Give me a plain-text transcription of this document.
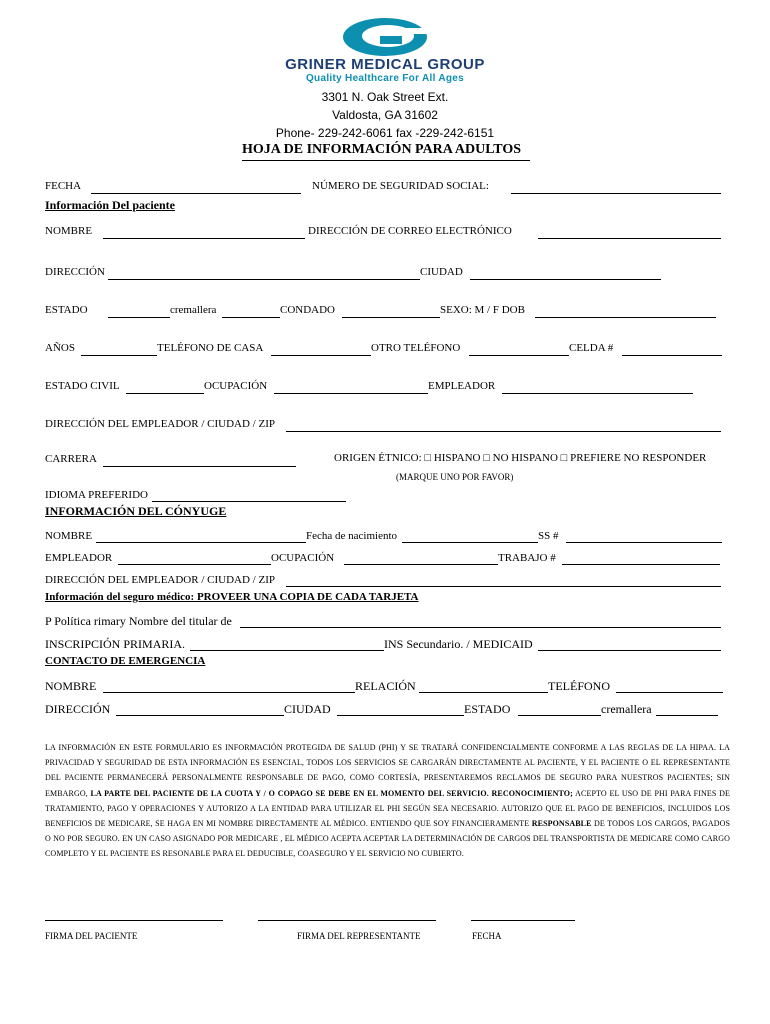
GRINER MEDICAL GROUP
Quality Healthcare For All Ages
3301 N. Oak Street Ext.
Valdosta, GA 31602
Phone- 229-242-6061 fax -229-242-6151
HOJA DE INFORMACIÓN PARA ADULTOS
FECHA	NÚMERO DE SEGURIDAD SOCIAL:
Información Del paciente
NOMBRE	DIRECCIÓN DE CORREO ELECTRÓNICO
DIRECCIÓN	CIUDAD
ESTADO	cremallera	CONDADO	SEXO: M / F DOB
AÑOS	TELÉFONO DE CASA	OTRO TELÉFONO	CELDA #
ESTADO CIVIL	OCUPACIÓN	EMPLEADOR
DIRECCIÓN DEL EMPLEADOR / CIUDAD / ZIP
CARRERA	ORIGEN ÉTNICO: □ HISPANO □ NO HISPANO □ PREFIERE NO RESPONDER
(MARQUE UNO POR FAVOR)
IDIOMA PREFERIDO
INFORMACIÓN DEL CÓNYUGE
NOMBRE	Fecha de nacimiento	SS #
EMPLEADOR	OCUPACIÓN	TRABAJO #
DIRECCIÓN DEL EMPLEADOR / CIUDAD / ZIP
Información del seguro médico: PROVEER UNA COPIA DE CADA TARJETA
P Política rimary Nombre del titular de
INSCRIPCIÓN PRIMARIA.	INS Secundario. / MEDICAID
CONTACTO DE EMERGENCIA
NOMBRE	RELACIÓN	TELÉFONO
DIRECCIÓN	CIUDAD	ESTADO	cremallera
LA INFORMACIÓN EN ESTE FORMULARIO ES INFORMACIÓN PROTEGIDA DE SALUD (PHI) Y SE TRATARÁ CONFIDENCIALMENTE CONFORME A LAS REGLAS DE LA HIPAA. LA PRIVACIDAD Y SEGURIDAD DE ESTA INFORMACIÓN ES ESENCIAL, TODOS LOS SERVICIOS SE CARGARÁN DIRECTAMENTE AL PACIENTE, Y EL PACIENTE O EL REPRESENTANTE DEL PACIENTE PERMANECERÁ PERSONALMENTE RESPONSABLE DE PAGO, COMO CORTESÍA, PRESENTAREMOS RECLAMOS DE SEGURO PARA NUESTROS PACIENTES; SIN EMBARGO, LA PARTE DEL PACIENTE DE LA CUOTA Y / O COPAGO SE DEBE EN EL MOMENTO DEL SERVICIO. RECONOCIMIENTO; ACEPTO EL USO DE PHI PARA FINES DE TRATAMIENTO, PAGO Y OPERACIONES Y AUTORIZO A LA ENTIDAD PARA UTILIZAR EL PHI SEGÚN SEA NECESARIO. AUTORIZO QUE EL PAGO DE BENEFICIOS, INCLUIDOS LOS BENEFICIOS DE MEDICARE, SE HAGA EN MI NOMBRE DIRECTAMENTE AL MÉDICO. ENTIENDO QUE SOY FINANCIERAMENTE RESPONSABLE DE TODOS LOS CARGOS, PAGADOS O NO POR SEGURO. EN UN CASO ASIGNADO POR MEDICARE , EL MÉDICO ACEPTA ACEPTAR LA DETERMINACIÓN DE CARGOS DEL TRANSPORTISTA DE MEDICARE COMO CARGO COMPLETO Y EL PACIENTE ES RESONABLE PARA EL DEDUCIBLE, COASEGURO Y EL SERVICIO NO CUBIERTO.
FIRMA DEL PACIENTE	FIRMA DEL REPRESENTANTE	FECHA
